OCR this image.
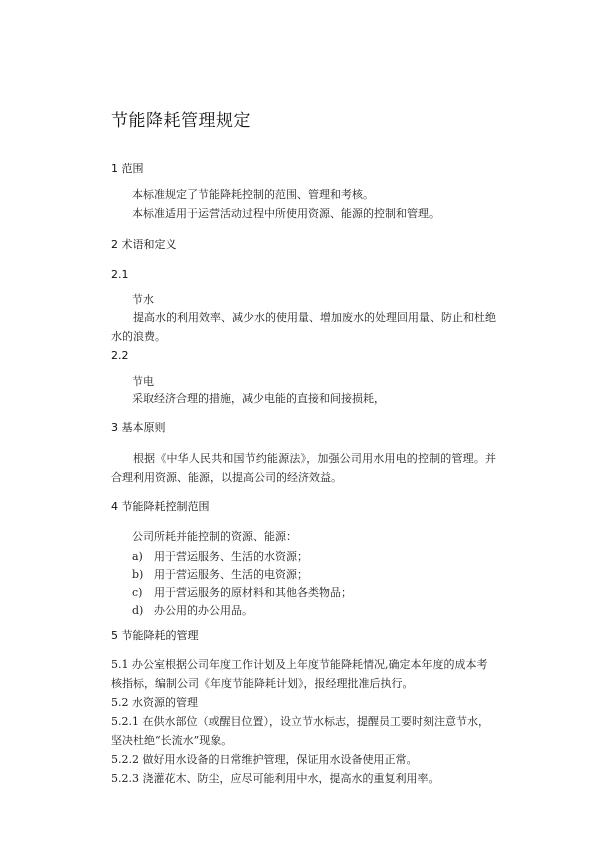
节能降耗管理规定
1 范围
本标准规定了节能降耗控制的范围、管理和考核。
本标准适用于运营活动过程中所使用资源、能源的控制和管理。
2 术语和定义
2.1
节水
提高水的利用效率、减少水的使用量、增加废水的处理回用量、防止和杜绝水的浪费。
2.2
节电
采取经济合理的措施，减少电能的直接和间接损耗，
3 基本原则
根据《中华人民共和国节约能源法》，加强公司用水用电的控制的管理。并合理利用资源、能源，以提高公司的经济效益。
4 节能降耗控制范围
公司所耗并能控制的资源、能源：
a) 用于营运服务、生活的水资源；
b) 用于营运服务、生活的电资源；
c) 用于营运服务的原材料和其他各类物品；
d) 办公用的办公用品。
5 节能降耗的管理
5.1 办公室根据公司年度工作计划及上年度节能降耗情况,确定本年度的成本考核指标，编制公司《年度节能降耗计划》，报经理批准后执行。
5.2 水资源的管理
5.2.1 在供水部位（或醒目位置），设立节水标志，提醒员工要时刻注意节水，坚决杜绝“长流水”现象。
5.2.2 做好用水设备的日常维护管理，保证用水设备使用正常。
5.2.3 浇灌花木、防尘，应尽可能利用中水，提高水的重复利用率。
